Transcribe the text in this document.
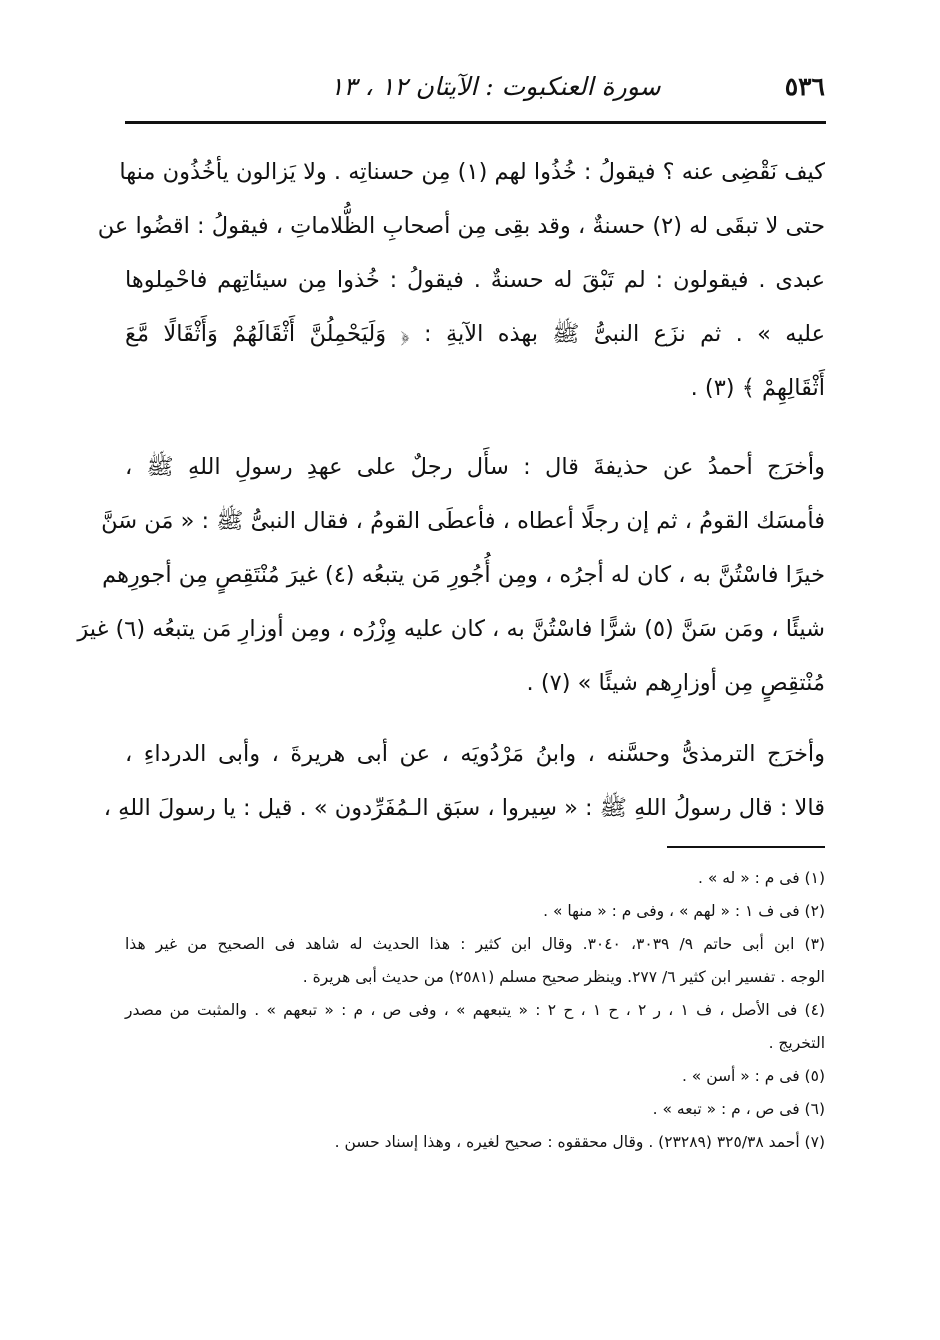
٥٣٦
سورة العنكبوت : الآيتان ١٢ ، ١٣
كيف نَقْضِى عنه ؟ فيقولُ : خُذُوا لهم (١) مِن حسناتِه . ولا يَزالون يأخُذُون منها
حتى لا تبقَى له (٢) حسنةٌ ، وقد بقِى مِن أصحابِ الظُّلاماتِ ، فيقولُ : اقضُوا عن
عبدى . فيقولون : لم تَبْقَ له حسنةٌ . فيقولُ : خُذوا مِن سيئاتِهم فاحْمِلوها
عليه » . ثم نزَع النبىُّ ﷺ بهذه الآيةِ : ﴿ وَلَيَحْمِلُنَّ أَثْقَالَهُمْ وَأَثْقَالًا مَّعَ
أَثْقَالِهِمْ ﴾ (٣) .
وأخرَج أحمدُ عن حذيفةَ قال : سأَل رجلٌ على عهدِ رسولِ اللهِ ﷺ ،
فأمسَك القومُ ، ثم إن رجلًا أعطاه ، فأعطَى القومُ ، فقال النبىُّ ﷺ : « مَن سَنَّ
خيرًا فاسْتُنَّ به ، كان له أجرُه ، ومِن أُجُورِ مَن يتبعُه (٤) غيرَ مُنْتَقِصٍ مِن أجورِهم
شيئًا ، ومَن سَنَّ (٥) شرًّا فاسْتُنَّ به ، كان عليه وِزْرُه ، ومِن أوزارِ مَن يتبعُه (٦) غيرَ
مُنْتقِصٍ مِن أوزارِهم شيئًا » (٧) .
وأخرَج الترمذىُّ وحسَّنه ، وابنُ مَرْدُويَه ، عن أبى هريرةَ ، وأبى الدرداءِ ،
قالا : قال رسولُ اللهِ ﷺ : « سِيروا ، سبَق الـمُفَرِّدون » . قيل : يا رسولَ اللهِ ،
(١) فى م : « له » .
(٢) فى ف ١ : « لهم » ، وفى م : « منها » .
(٣) ابن أبى حاتم ٩/ ٣٠٣٩، ٣٠٤٠. وقال ابن كثير : هذا الحديث له شاهد فى الصحيح من غير هذا
الوجه . تفسير ابن كثير ٦/ ٢٧٧. وينظر صحيح مسلم (٢٥٨١) من حديث أبى هريرة .
(٤) فى الأصل ، ف ١ ، ر ٢ ، ح ١ ، ح ٢ : « يتبعهم » ، وفى ص ، م : « تبعهم » . والمثبت من مصدر
التخريج .
(٥) فى م : « أسن » .
(٦) فى ص ، م : « تبعه » .
(٧) أحمد ٣٢٥/٣٨ (٢٣٢٨٩) . وقال محققوه : صحيح لغيره ، وهذا إسناد حسن .
